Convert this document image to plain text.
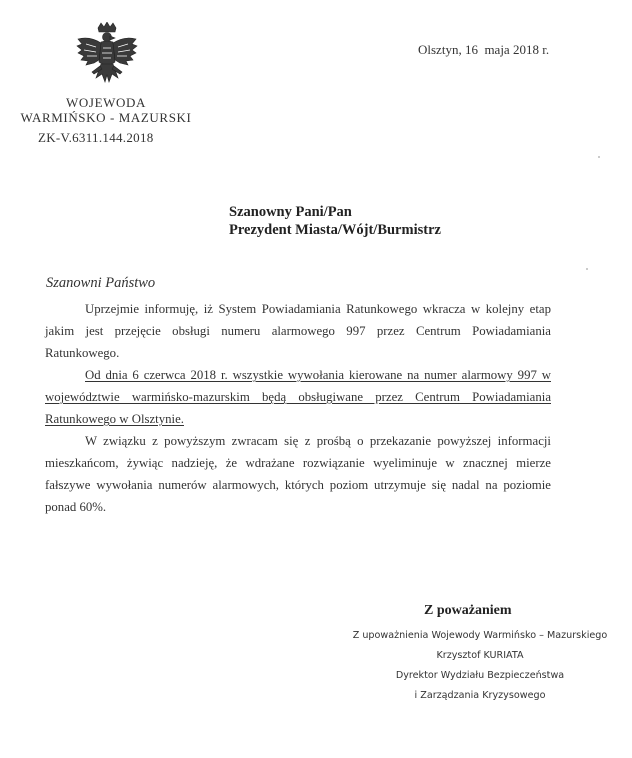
WOJEWODA
WARMIŃSKO - MAZURSKI
ZK-V.6311.144.2018
Olsztyn, 16  maja 2018 r.
Szanowny Pani/Pan
Prezydent Miasta/Wójt/Burmistrz
Szanowni Państwo

Uprzejmie informuję, iż System Powiadamiania Ratunkowego wkracza w kolejny etap jakim jest przejęcie obsługi numeru alarmowego 997 przez Centrum Powiadamiania Ratunkowego.

Od dnia 6 czerwca 2018 r. wszystkie wywołania kierowane na numer alarmowy 997 w województwie warmińsko-mazurskim będą obsługiwane przez Centrum Powiadamiania Ratunkowego w Olsztynie.

W związku z powyższym zwracam się z prośbą o przekazanie powyższej informacji mieszkańcom, żywiąc nadzieję, że wdrażane rozwiązanie wyeliminuje w znacznej mierze fałszywe wywołania numerów alarmowych, których poziom utrzymuje się nadal na poziomie ponad 60%.

Z poważaniem
Z upoważnienia Wojewody Warmińsko – Mazurskiego
Krzysztof KURIATA
Dyrektor Wydziału Bezpieczeństwa
i Zarządzania Kryzysowego
